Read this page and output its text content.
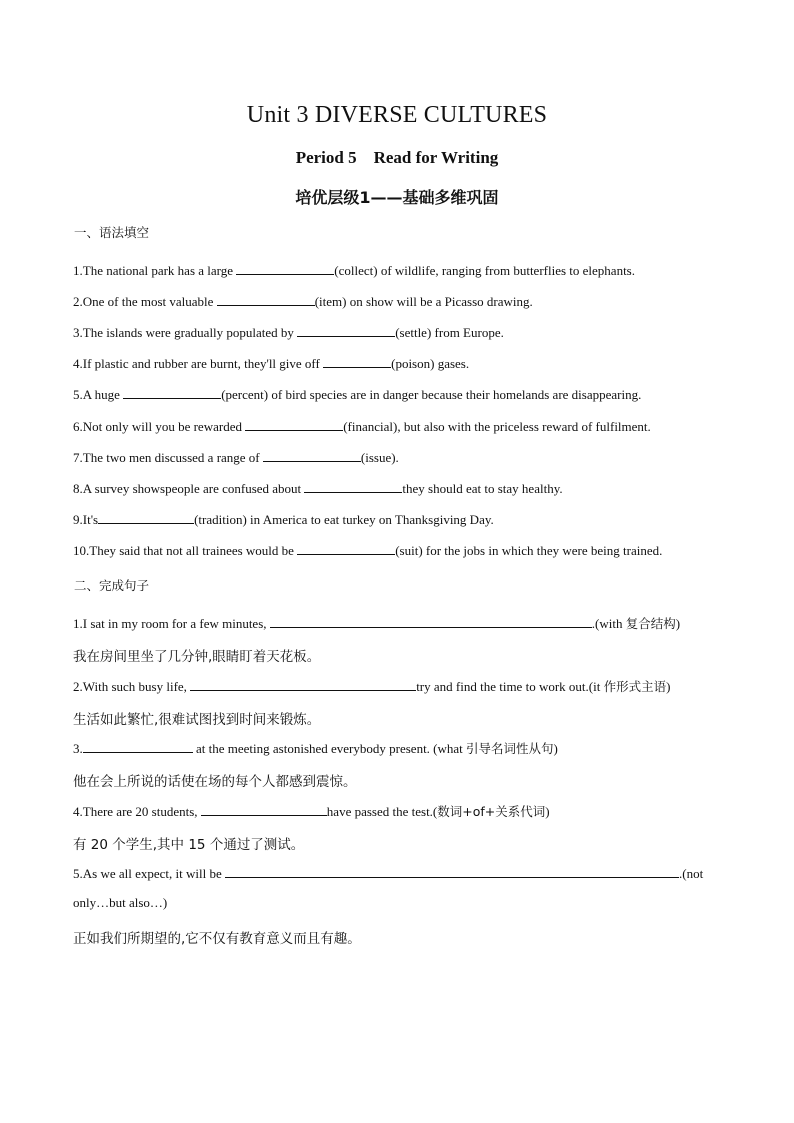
Unit 3 DIVERSE CULTURES
Period 5    Read for Writing
培优层级1——基础多维巩固
一、语法填空
1.The national park has a large	(collect) of wildlife, ranging from butterflies to elephants.
2.One of the most valuable	(item) on show will be a Picasso drawing.
3.The islands were gradually populated by	(settle) from Europe.
4.If plastic and rubber are burnt, they'll give off	(poison) gases.
5.A huge	(percent) of bird species are in danger because their homelands are disappearing.
6.Not only will you be rewarded	(financial), but also with the priceless reward of fulfilment.
7.The two men discussed a range of	(issue).
8.A survey showspeople are confused about	they should eat to stay healthy.
9.It's	(tradition) in America to eat turkey on Thanksgiving Day.
10.They said that not all trainees would be	(suit) for the jobs in which they were being trained.
二、完成句子
1.I sat in my room for a few minutes,	.(with 复合结构)
我在房间里坐了几分钟,眼睛盯着天花板。
2.With such busy life,	try and find the time to work out.(it 作形式主语)
生活如此繁忙,很难试图找到时间来锻炼。
3.	at the meeting astonished everybody present. (what 引导名词性从句)
他在会上所说的话使在场的每个人都感到震惊。
4.There are 20 students,	have passed the test.(数词+of+关系代词)
有 20 个学生,其中 15 个通过了测试。
5.As we all expect, it will be	.(not
only…but also…)
正如我们所期望的,它不仅有教育意义而且有趣。
